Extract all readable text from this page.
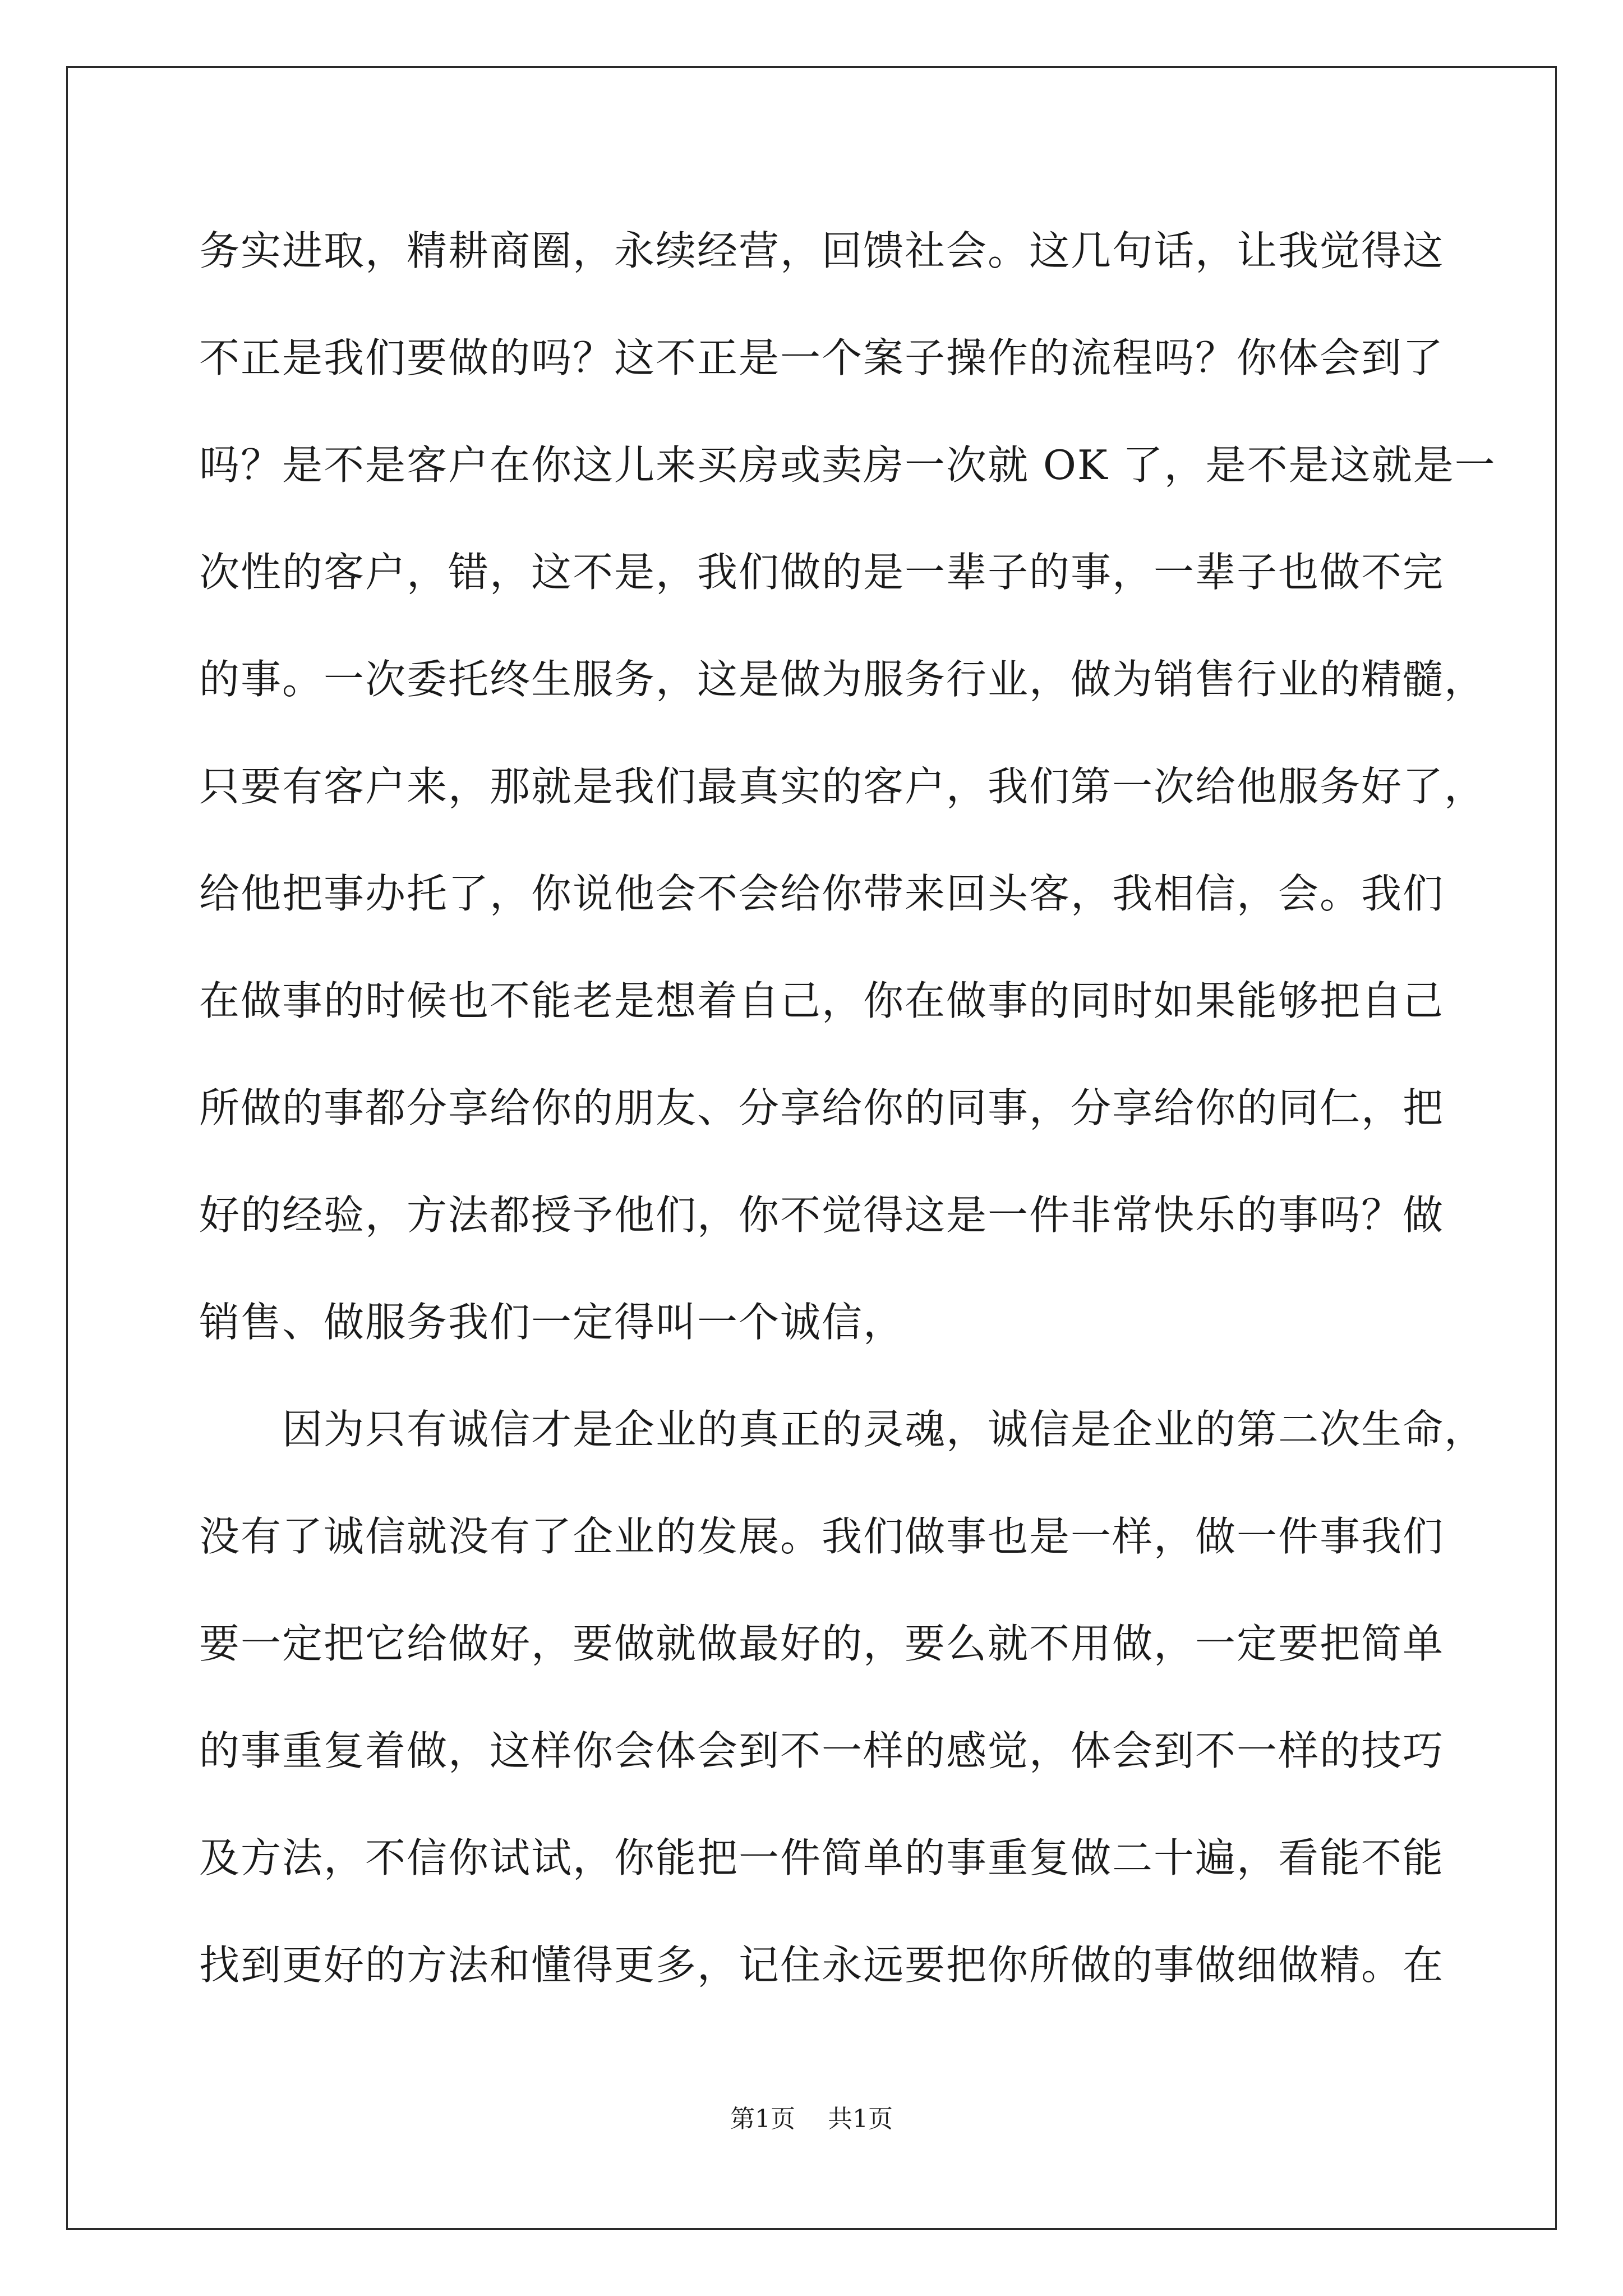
务实进取，精耕商圈，永续经营，回馈社会。这几句话，让我觉得这
不正是我们要做的吗？这不正是一个案子操作的流程吗？你体会到了
吗？是不是客户在你这儿来买房或卖房一次就 OK 了，是不是这就是一
次性的客户，错，这不是，我们做的是一辈子的事，一辈子也做不完
的事。一次委托终生服务，这是做为服务行业，做为销售行业的精髓，
只要有客户来，那就是我们最真实的客户，我们第一次给他服务好了，
给他把事办托了，你说他会不会给你带来回头客，我相信，会。我们
在做事的时候也不能老是想着自己，你在做事的同时如果能够把自己
所做的事都分享给你的朋友、分享给你的同事，分享给你的同仁，把
好的经验，方法都授予他们，你不觉得这是一件非常快乐的事吗？做
销售、做服务我们一定得叫一个诚信，
因为只有诚信才是企业的真正的灵魂，诚信是企业的第二次生命，
没有了诚信就没有了企业的发展。我们做事也是一样，做一件事我们
要一定把它给做好，要做就做最好的，要么就不用做，一定要把简单
的事重复着做，这样你会体会到不一样的感觉，体会到不一样的技巧
及方法，不信你试试，你能把一件简单的事重复做二十遍，看能不能
找到更好的方法和懂得更多，记住永远要把你所做的事做细做精。在
第1页 共1页
